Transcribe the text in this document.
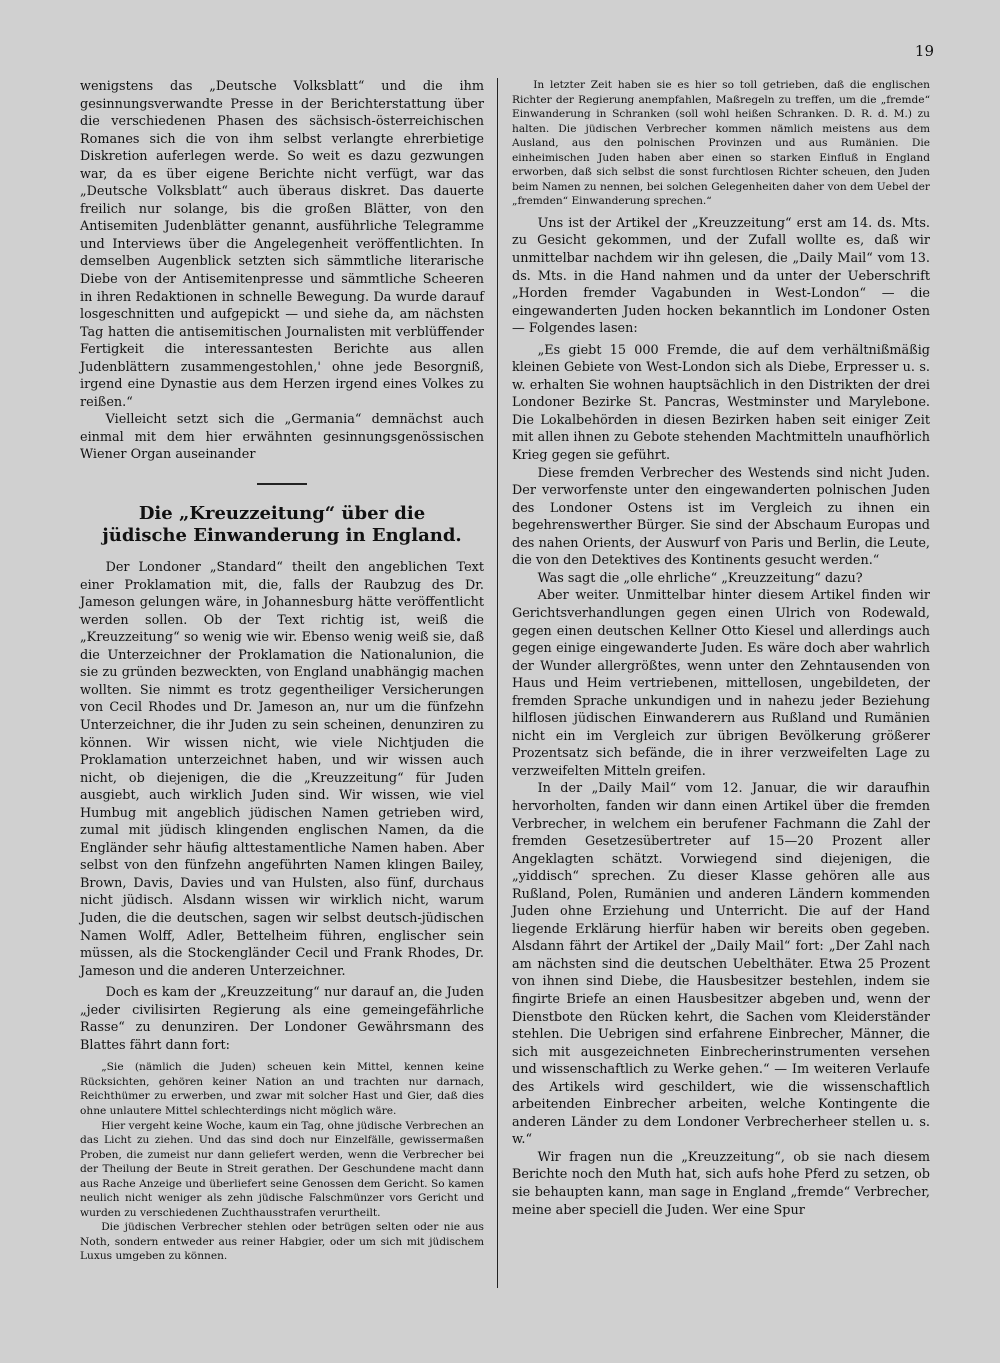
19

wenigstens das „Deutsche Volksblatt“ und die ihm gesinnungsverwandte Presse in der Berichterstattung über die verschiedenen Phasen des sächsisch-österreichischen Romanes sich die von ihm selbst verlangte ehrerbietige Diskretion auferlegen werde. So weit es dazu gezwungen war, da es über eigene Berichte nicht verfügt, war das „Deutsche Volksblatt“ auch überaus diskret. Das dauerte freilich nur solange, bis die großen Blätter, von den Antisemiten Judenblätter genannt, ausführliche Telegramme und Interviews über die Angelegenheit veröffentlichten. In demselben Augenblick setzten sich sämmtliche literarische Diebe von der Antisemitenpresse und sämmtliche Scheeren in ihren Redaktionen in schnelle Bewegung. Da wurde darauf losgeschnitten und aufgepickt — und siehe da, am nächsten Tag hatten die antisemitischen Journalisten mit verblüffender Fertigkeit die interessantesten Berichte aus allen Judenblättern zusammengestohlen,' ohne jede Besorgniß, irgend eine Dynastie aus dem Herzen irgend eines Volkes zu reißen.“

Vielleicht setzt sich die „Germania“ demnächst auch einmal mit dem hier erwähnten gesinnungsgenössischen Wiener Organ auseinander

Die „Kreuzzeitung“ über die
jüdische Einwanderung in England.

Der Londoner „Standard“ theilt den angeblichen Text einer Proklamation mit, die, falls der Raubzug des Dr. Jameson gelungen wäre, in Johannesburg hätte veröffentlicht werden sollen. Ob der Text richtig ist, weiß die „Kreuzzeitung“ so wenig wie wir. Ebenso wenig weiß sie, daß die Unterzeichner der Proklamation die Nationalunion, die sie zu gründen bezweckten, von England unabhängig machen wollten. Sie nimmt es trotz gegentheiliger Versicherungen von Cecil Rhodes und Dr. Jameson an, nur um die fünfzehn Unterzeichner, die ihr Juden zu sein scheinen, denunziren zu können. Wir wissen nicht, wie viele Nichtjuden die Proklamation unterzeichnet haben, und wir wissen auch nicht, ob diejenigen, die die „Kreuzzeitung“ für Juden ausgiebt, auch wirklich Juden sind. Wir wissen, wie viel Humbug mit angeblich jüdischen Namen getrieben wird, zumal mit jüdisch klingenden englischen Namen, da die Engländer sehr häufig alttestamentliche Namen haben. Aber selbst von den fünfzehn angeführten Namen klingen Bailey, Brown, Davis, Davies und van Hulsten, also fünf, durchaus nicht jüdisch. Alsdann wissen wir wirklich nicht, warum Juden, die die deutschen, sagen wir selbst deutsch-jüdischen Namen Wolff, Adler, Bettelheim führen, englischer sein müssen, als die Stockengländer Cecil und Frank Rhodes, Dr. Jameson und die anderen Unterzeichner.

Doch es kam der „Kreuzzeitung“ nur darauf an, die Juden „jeder civilisirten Regierung als eine gemeingefährliche Rasse“ zu denunziren. Der Londoner Gewährsmann des Blattes fährt dann fort:

„Sie (nämlich die Juden) scheuen kein Mittel, kennen keine Rücksichten, gehören keiner Nation an und trachten nur darnach, Reichthümer zu erwerben, und zwar mit solcher Hast und Gier, daß dies ohne unlautere Mittel schlechterdings nicht möglich wäre.

Hier vergeht keine Woche, kaum ein Tag, ohne jüdische Verbrechen an das Licht zu ziehen. Und das sind doch nur Einzelfälle, gewissermaßen Proben, die zumeist nur dann geliefert werden, wenn die Verbrecher bei der Theilung der Beute in Streit gerathen. Der Geschundene macht dann aus Rache Anzeige und überliefert seine Genossen dem Gericht. So kamen neulich nicht weniger als zehn jüdische Falschmünzer vors Gericht und wurden zu verschiedenen Zuchthausstrafen verurtheilt.

Die jüdischen Verbrecher stehlen oder betrügen selten oder nie aus Noth, sondern entweder aus reiner Habgier, oder um sich mit jüdischem Luxus umgeben zu können.

In letzter Zeit haben sie es hier so toll getrieben, daß die englischen Richter der Regierung anempfahlen, Maßregeln zu treffen, um die „fremde“ Einwanderung in Schranken (soll wohl heißen Schranken. D. R. d. M.) zu halten. Die jüdischen Verbrecher kommen nämlich meistens aus dem Ausland, aus den polnischen Provinzen und aus Rumänien. Die einheimischen Juden haben aber einen so starken Einfluß in England erworben, daß sich selbst die sonst furchtlosen Richter scheuen, den Juden beim Namen zu nennen, bei solchen Gelegenheiten daher von dem Uebel der „fremden“ Einwanderung sprechen.“

Uns ist der Artikel der „Kreuzzeitung“ erst am 14. ds. Mts. zu Gesicht gekommen, und der Zufall wollte es, daß wir unmittelbar nachdem wir ihn gelesen, die „Daily Mail“ vom 13. ds. Mts. in die Hand nahmen und da unter der Ueberschrift „Horden fremder Vagabunden in West-London“ — die eingewanderten Juden hocken bekanntlich im Londoner Osten — Folgendes lasen:

„Es giebt 15 000 Fremde, die auf dem verhältnißmäßig kleinen Gebiete von West-London sich als Diebe, Erpresser u. s. w. erhalten Sie wohnen hauptsächlich in den Distrikten der drei Londoner Bezirke St. Pancras, Westminster und Marylebone. Die Lokalbehörden in diesen Bezirken haben seit einiger Zeit mit allen ihnen zu Gebote stehenden Machtmitteln unaufhörlich Krieg gegen sie geführt.

Diese fremden Verbrecher des Westends sind nicht Juden. Der verworfenste unter den eingewanderten polnischen Juden des Londoner Ostens ist im Vergleich zu ihnen ein begehrenswerther Bürger. Sie sind der Abschaum Europas und des nahen Orients, der Auswurf von Paris und Berlin, die Leute, die von den Detektives des Kontinents gesucht werden.“

Was sagt die „olle ehrliche“ „Kreuzzeitung“ dazu?

Aber weiter. Unmittelbar hinter diesem Artikel finden wir Gerichtsverhandlungen gegen einen Ulrich von Rodewald, gegen einen deutschen Kellner Otto Kiesel und allerdings auch gegen einige eingewanderte Juden. Es wäre doch aber wahrlich der Wunder allergrößtes, wenn unter den Zehntausenden von Haus und Heim vertriebenen, mittellosen, ungebildeten, der fremden Sprache unkundigen und in nahezu jeder Beziehung hilflosen jüdischen Einwanderern aus Rußland und Rumänien nicht ein im Vergleich zur übrigen Bevölkerung größerer Prozentsatz sich befände, die in ihrer verzweifelten Lage zu verzweifelten Mitteln greifen.

In der „Daily Mail“ vom 12. Januar, die wir daraufhin hervorholten, fanden wir dann einen Artikel über die fremden Verbrecher, in welchem ein berufener Fachmann die Zahl der fremden Gesetzesübertreter auf 15—20 Prozent aller Angeklagten schätzt. Vorwiegend sind diejenigen, die „yiddisch“ sprechen. Zu dieser Klasse gehören alle aus Rußland, Polen, Rumänien und anderen Ländern kommenden Juden ohne Erziehung und Unterricht. Die auf der Hand liegende Erklärung hierfür haben wir bereits oben gegeben. Alsdann fährt der Artikel der „Daily Mail“ fort: „Der Zahl nach am nächsten sind die deutschen Uebelthäter. Etwa 25 Prozent von ihnen sind Diebe, die Hausbesitzer bestehlen, indem sie fingirte Briefe an einen Hausbesitzer abgeben und, wenn der Dienstbote den Rücken kehrt, die Sachen vom Kleiderständer stehlen. Die Uebrigen sind erfahrene Einbrecher, Männer, die sich mit ausgezeichneten Einbrecherinstrumenten versehen und wissenschaftlich zu Werke gehen.“ — Im weiteren Verlaufe des Artikels wird geschildert, wie die wissenschaftlich arbeitenden Einbrecher arbeiten, welche Kontingente die anderen Länder zu dem Londoner Verbrecherheer stellen u. s. w.“

Wir fragen nun die „Kreuzzeitung“, ob sie nach diesem Berichte noch den Muth hat, sich aufs hohe Pferd zu setzen, ob sie behaupten kann, man sage in England „fremde“ Verbrecher, meine aber speciell die Juden. Wer eine Spur
